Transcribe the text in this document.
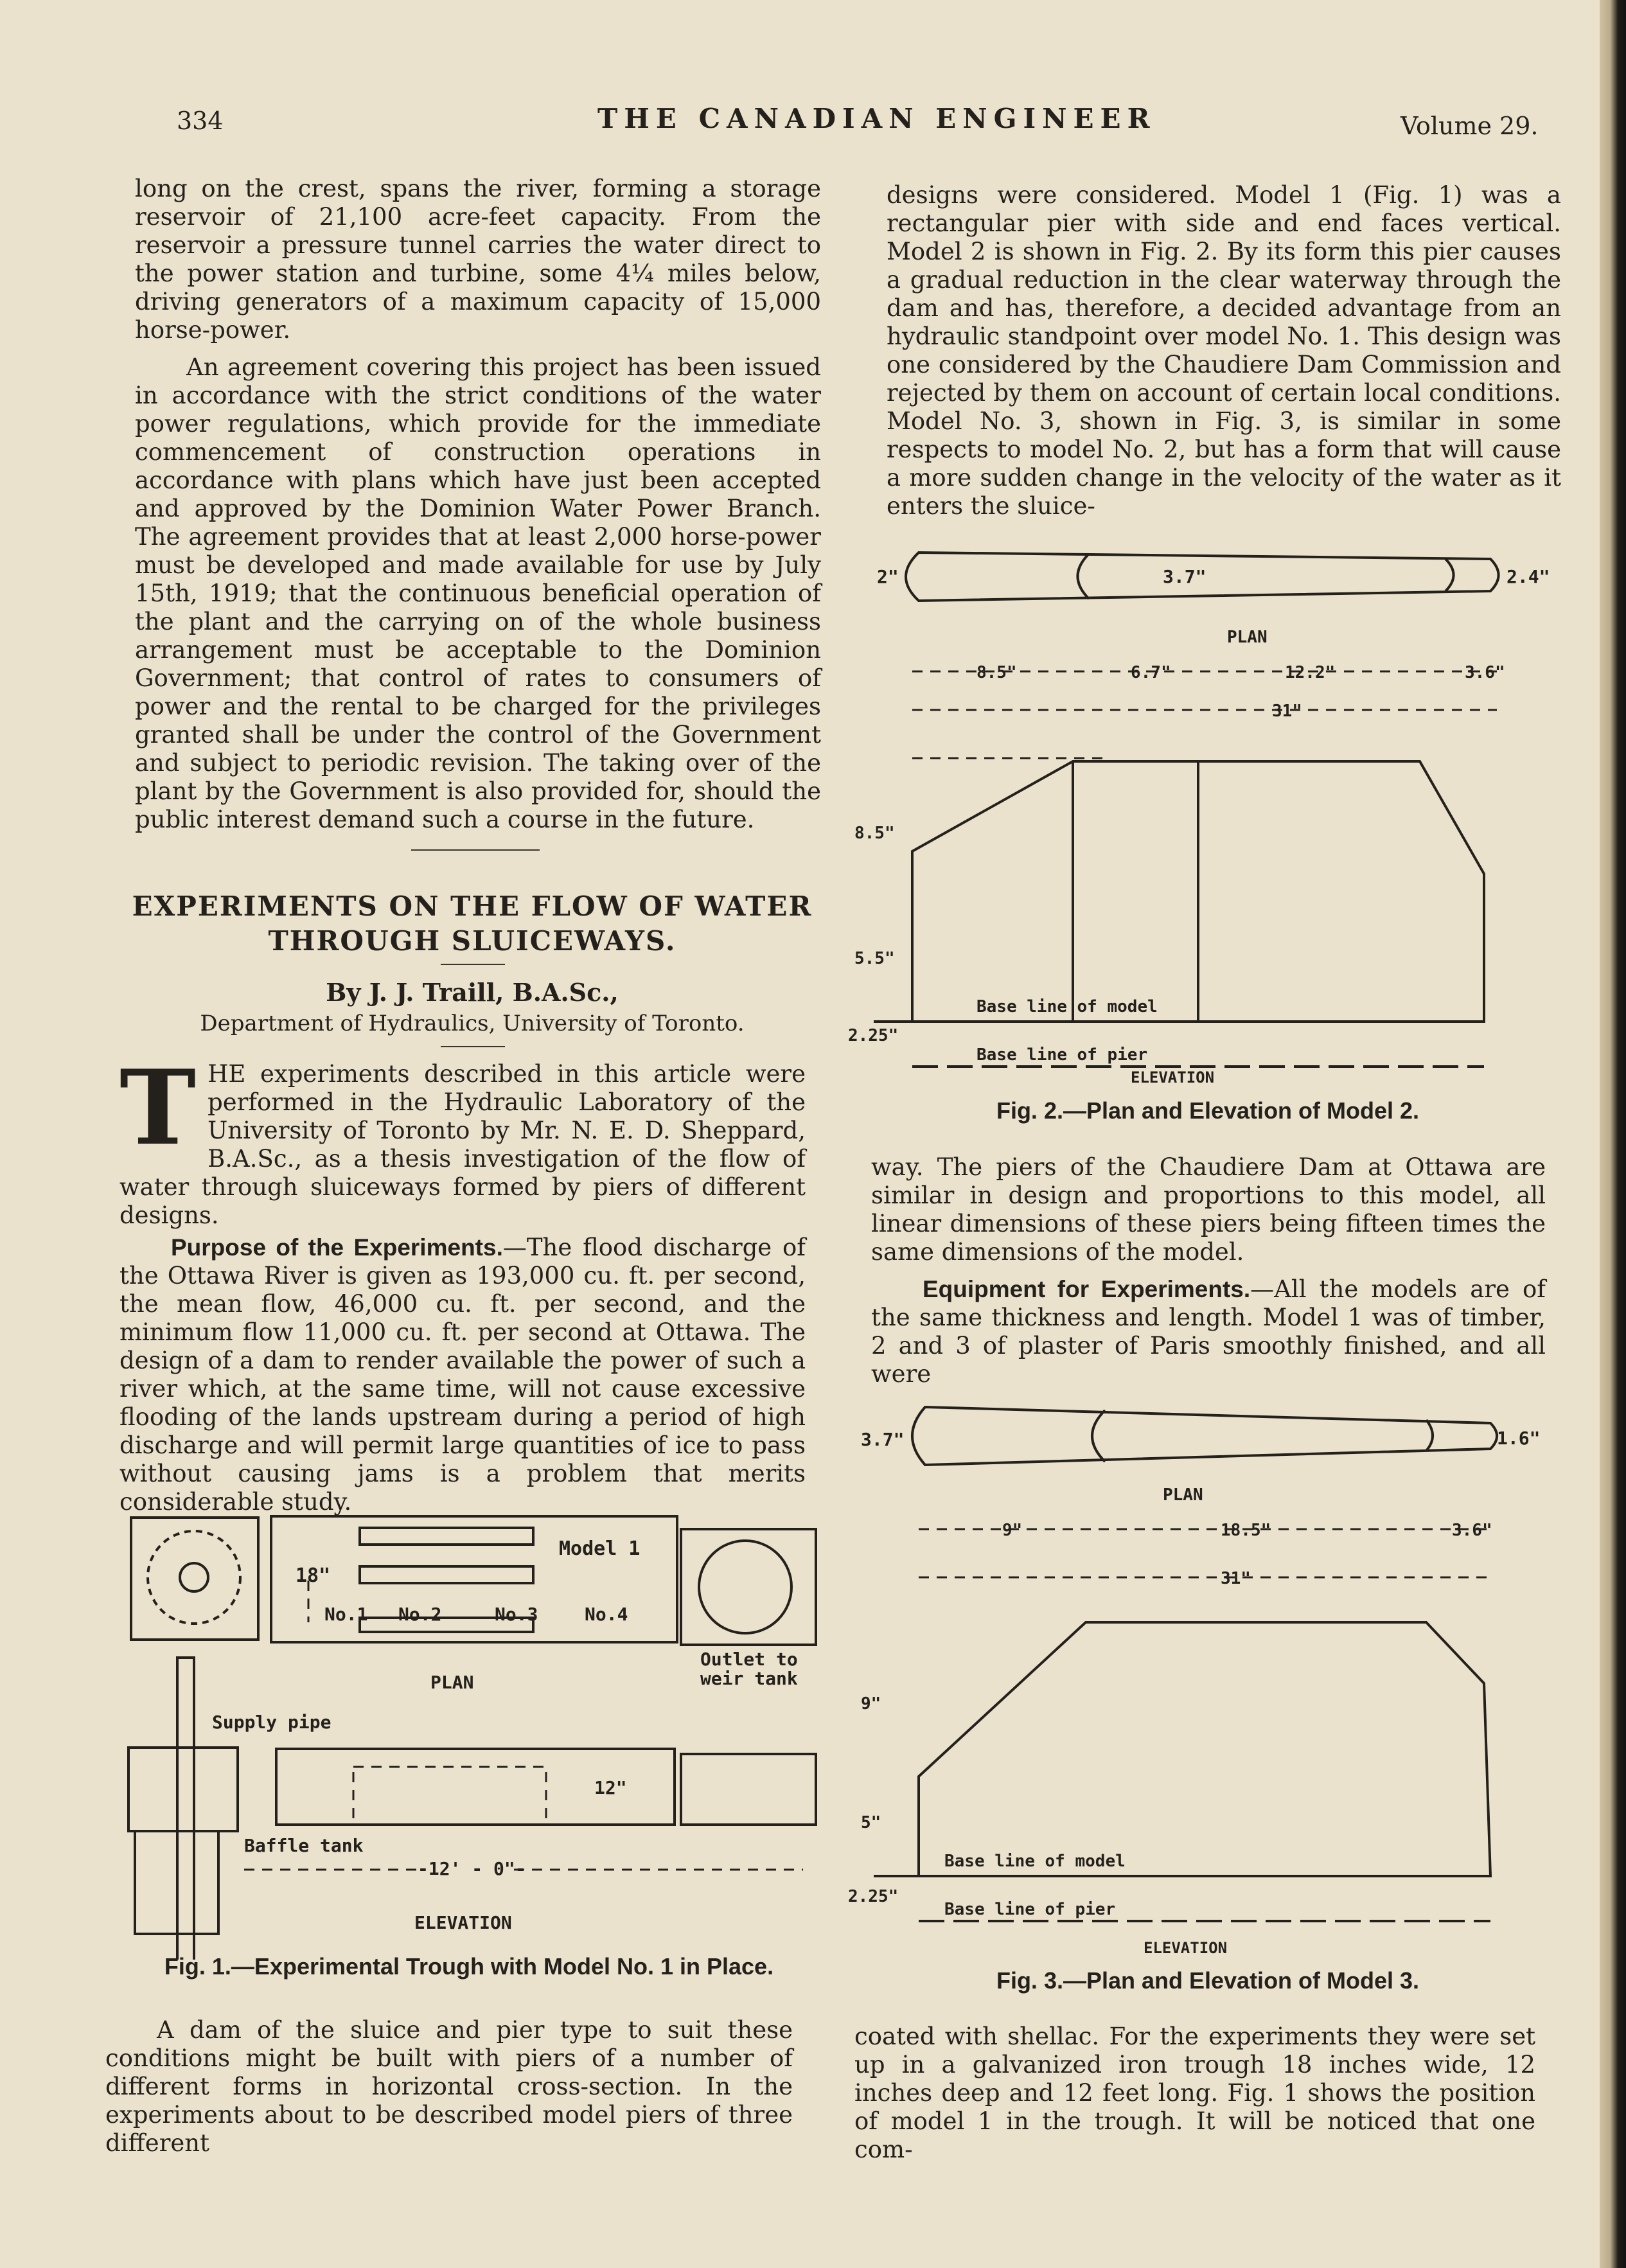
334	THE CANADIAN ENGINEER	Volume 29.

long on the crest, spans the river, forming a storage reservoir of 21,100 acre-feet capacity. From the reservoir a pressure tunnel carries the water direct to the power station and turbine, some 4¼ miles below, driving generators of a maximum capacity of 15,000 horse-power.

An agreement covering this project has been issued in accordance with the strict conditions of the water power regulations, which provide for the immediate commencement of construction operations in accordance with plans which have just been accepted and approved by the Dominion Water Power Branch. The agreement provides that at least 2,000 horse-power must be developed and made available for use by July 15th, 1919; that the continuous beneficial operation of the plant and the carrying on of the whole business arrangement must be acceptable to the Dominion Government; that control of rates to consumers of power and the rental to be charged for the privileges granted shall be under the control of the Government and subject to periodic revision. The taking over of the plant by the Government is also provided for, should the public interest demand such a course in the future.

EXPERIMENTS ON THE FLOW OF WATER
THROUGH SLUICEWAYS.
By J. J. Traill, B.A.Sc.,
Department of Hydraulics, University of Toronto.
T HE experiments described in this article were performed in the Hydraulic Laboratory of the University of Toronto by Mr. N. E. D. Sheppard, B.A.Sc., as a thesis investigation of the flow of water through sluiceways formed by piers of different designs.

Purpose of the Experiments.—The flood discharge of the Ottawa River is given as 193,000 cu. ft. per second, the mean flow, 46,000 cu. ft. per second, and the minimum flow 11,000 cu. ft. per second at Ottawa. The design of a dam to render available the power of such a river which, at the same time, will not cause excessive flooding of the lands upstream during a period of high discharge and will permit large quantities of ice to pass without causing jams is a problem that merits considerable study.

18"
Model 1
No.1 No.2	No.3	No.4
Outlet to
weir tank
PLAN
Supply pipe
12"
Baffle tank
-12' - 0"-
ELEVATION
Fig. 1.—Experimental Trough with Model No. 1 in Place.

A dam of the sluice and pier type to suit these conditions might be built with piers of a number of different forms in horizontal cross-section. In the experiments about to be described model piers of three different

designs were considered. Model 1 (Fig. 1) was a rectangular pier with side and end faces vertical. Model 2 is shown in Fig. 2. By its form this pier causes a gradual reduction in the clear waterway through the dam and has, therefore, a decided advantage from an hydraulic standpoint over model No. 1. This design was one considered by the Chaudiere Dam Commission and rejected by them on account of certain local conditions. Model No. 3, shown in Fig. 3, is similar in some respects to model No. 2, but has a form that will cause a more sudden change in the velocity of the water as it enters the sluice-

3.7"
2"	2.4"
PLAN
8.5"	6.7"	12.2"	3.6"
31"
8.5"
5.5"
2.25"
Base line of model
Base line of pier
ELEVATION
Fig. 2.—Plan and Elevation of Model 2.

way. The piers of the Chaudiere Dam at Ottawa are similar in design and proportions to this model, all linear dimensions of these piers being fifteen times the same dimensions of the model.

Equipment for Experiments.—All the models are of the same thickness and length. Model 1 was of timber, 2 and 3 of plaster of Paris smoothly finished, and all were

3.7"	1.6"
PLAN
9"	18.5"	3.6"
31"
9"
5"
2.25"
Base line of model
Base line of pier
ELEVATION
Fig. 3.—Plan and Elevation of Model 3.

coated with shellac. For the experiments they were set up in a galvanized iron trough 18 inches wide, 12 inches deep and 12 feet long. Fig. 1 shows the position of model 1 in the trough. It will be noticed that one com-
